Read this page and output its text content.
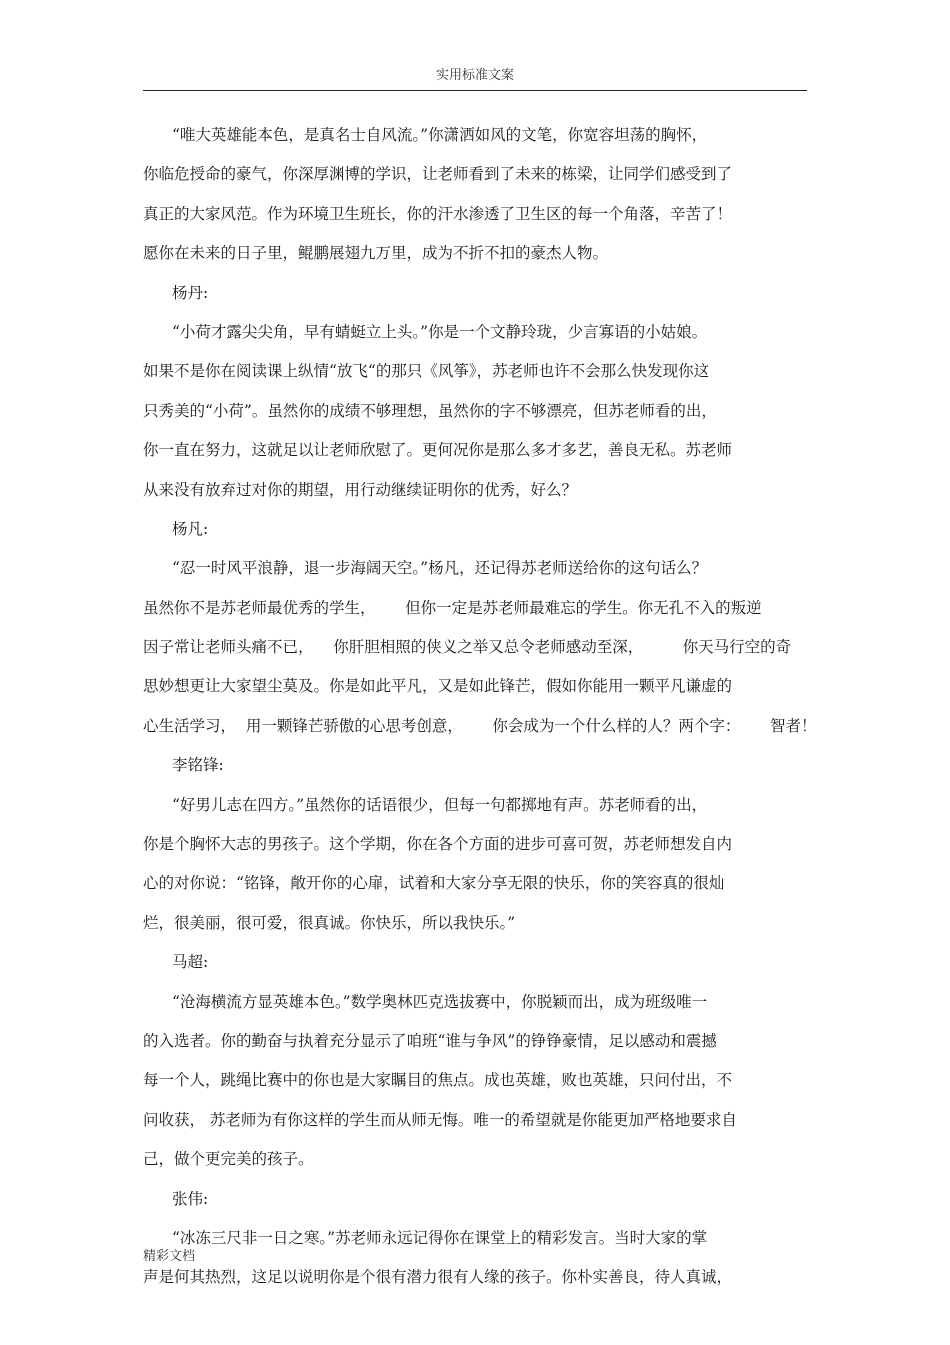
实用标准文案
“唯大英雄能本色，是真名士自风流。”你潇洒如风的文笔，你宽容坦荡的胸怀，
你临危授命的豪气，你深厚渊博的学识，让老师看到了未来的栋梁，让同学们感受到了
真正的大家风范。作为环境卫生班长，你的汗水渗透了卫生区的每一个角落，辛苦了！
愿你在未来的日子里，鲲鹏展翅九万里，成为不折不扣的豪杰人物。
杨丹:
“小荷才露尖尖角，早有蜻蜓立上头。”你是一个文静玲珑，少言寡语的小姑娘。
如果不是你在阅读课上纵情“放飞“的那只《风筝》，苏老师也许不会那么快发现你这
只秀美的“小荷”。虽然你的成绩不够理想，虽然你的字不够漂亮，但苏老师看的出，
你一直在努力，这就足以让老师欣慰了。更何况你是那么多才多艺，善良无私。苏老师
从来没有放弃过对你的期望，用行动继续证明你的优秀，好么？
杨凡:
“忍一时风平浪静，退一步海阔天空。”杨凡，还记得苏老师送给你的这句话么？
虽然你不是苏老师最优秀的学生，      但你一定是苏老师最难忘的学生。你无孔不入的叛逆
因子常让老师头痛不已，    你肝胆相照的侠义之举又总令老师感动至深，        你天马行空的奇
思妙想更让大家望尘莫及。你是如此平凡，又是如此锋芒，假如你能用一颗平凡谦虚的
心生活学习，  用一颗锋芒骄傲的心思考创意，      你会成为一个什么样的人？两个字：      智者！
李铭锋:
“好男儿志在四方。”虽然你的话语很少，但每一句都掷地有声。苏老师看的出，
你是个胸怀大志的男孩子。这个学期，你在各个方面的进步可喜可贺，苏老师想发自内
心的对你说：“铭锋，敞开你的心扉，试着和大家分享无限的快乐，你的笑容真的很灿
烂，很美丽，很可爱，很真诚。你快乐，所以我快乐。”
马超:
“沧海横流方显英雄本色。”数学奥林匹克选拔赛中，你脱颖而出，成为班级唯一
的入选者。你的勤奋与执着充分显示了咱班“谁与争风”的铮铮豪情，足以感动和震撼
每一个人，跳绳比赛中的你也是大家瞩目的焦点。成也英雄，败也英雄，只问付出，不
问收获， 苏老师为有你这样的学生而从师无悔。唯一的希望就是你能更加严格地要求自
己，做个更完美的孩子。
张伟:
“冰冻三尺非一日之寒。”苏老师永远记得你在课堂上的精彩发言。当时大家的掌
声是何其热烈，这足以说明你是个很有潜力很有人缘的孩子。你朴实善良，待人真诚，
精彩文档
